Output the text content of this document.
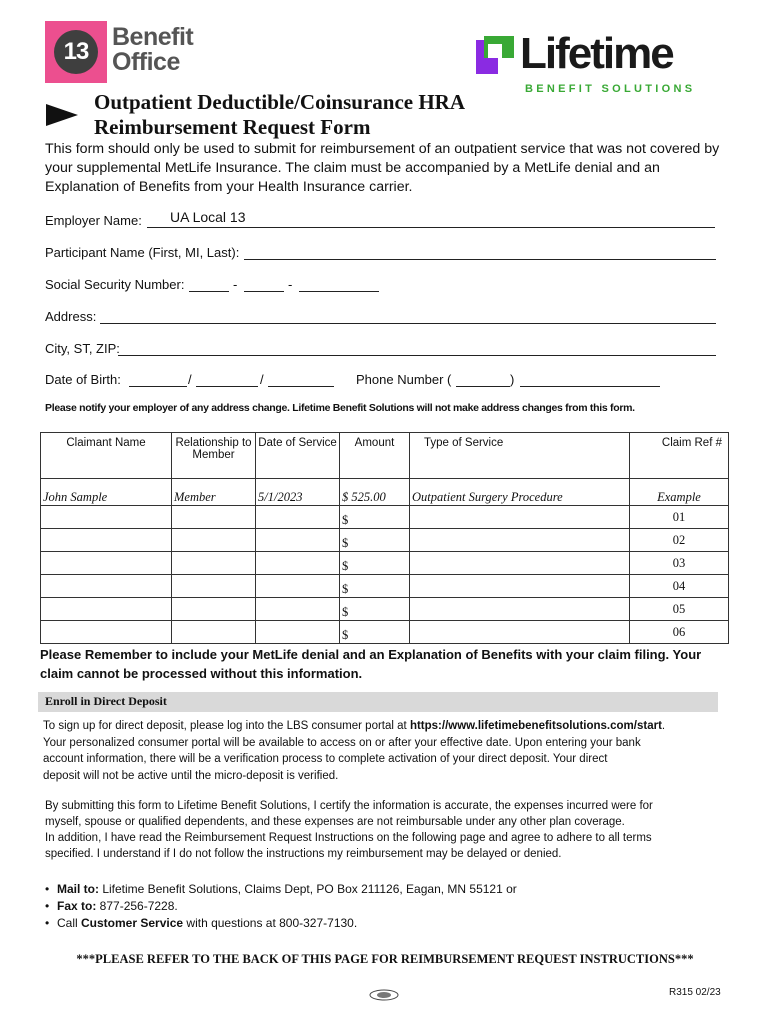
13
Benefit
Office	Lifetime
BENEFIT SOLUTIONS
Outpatient Deductible/Coinsurance HRA
Reimbursement Request Form
This form should only be used to submit for reimbursement of an outpatient service that was not covered by your supplemental MetLife Insurance. The claim must be accompanied by a MetLife denial and an Explanation of Benefits from your Health Insurance carrier.
Employer Name: UA Local 13
Participant Name (First, MI, Last):
Social Security Number:	-	-
Address:
City, ST, ZIP:
Date of Birth:	/	/	Phone Number (	)
Please notify your employer of any address change. Lifetime Benefit Solutions will not make address changes from this form.
Claimant Name	Relationship to Member	Date of Service	Amount	Type of Service	Claim Ref #
John Sample	Member	5/1/2023	$ 525.00	Outpatient Surgery Procedure	Example
			$		01
			$		02
			$		03
			$		04
			$		05
			$		06
Please Remember to include your MetLife denial and an Explanation of Benefits with your claim filing. Your claim cannot be processed without this information.
Enroll in Direct Deposit
To sign up for direct deposit, please log into the LBS consumer portal at https://www.lifetimebenefitsolutions.com/start.
Your personalized consumer portal will be available to access on or after your effective date. Upon entering your bank
account information, there will be a verification process to complete activation of your direct deposit. Your direct
deposit will not be active until the micro-deposit is verified.
By submitting this form to Lifetime Benefit Solutions, I certify the information is accurate, the expenses incurred were for
myself, spouse or qualified dependents, and these expenses are not reimbursable under any other plan coverage.
In addition, I have read the Reimbursement Request Instructions on the following page and agree to adhere to all terms
specified. I understand if I do not follow the instructions my reimbursement may be delayed or denied.
• Mail to: Lifetime Benefit Solutions, Claims Dept, PO Box 211126, Eagan, MN 55121 or
• Fax to: 877-256-7228.
• Call Customer Service with questions at 800-327-7130.
***PLEASE REFER TO THE BACK OF THIS PAGE FOR REIMBURSEMENT REQUEST INSTRUCTIONS***
R315 02/23
